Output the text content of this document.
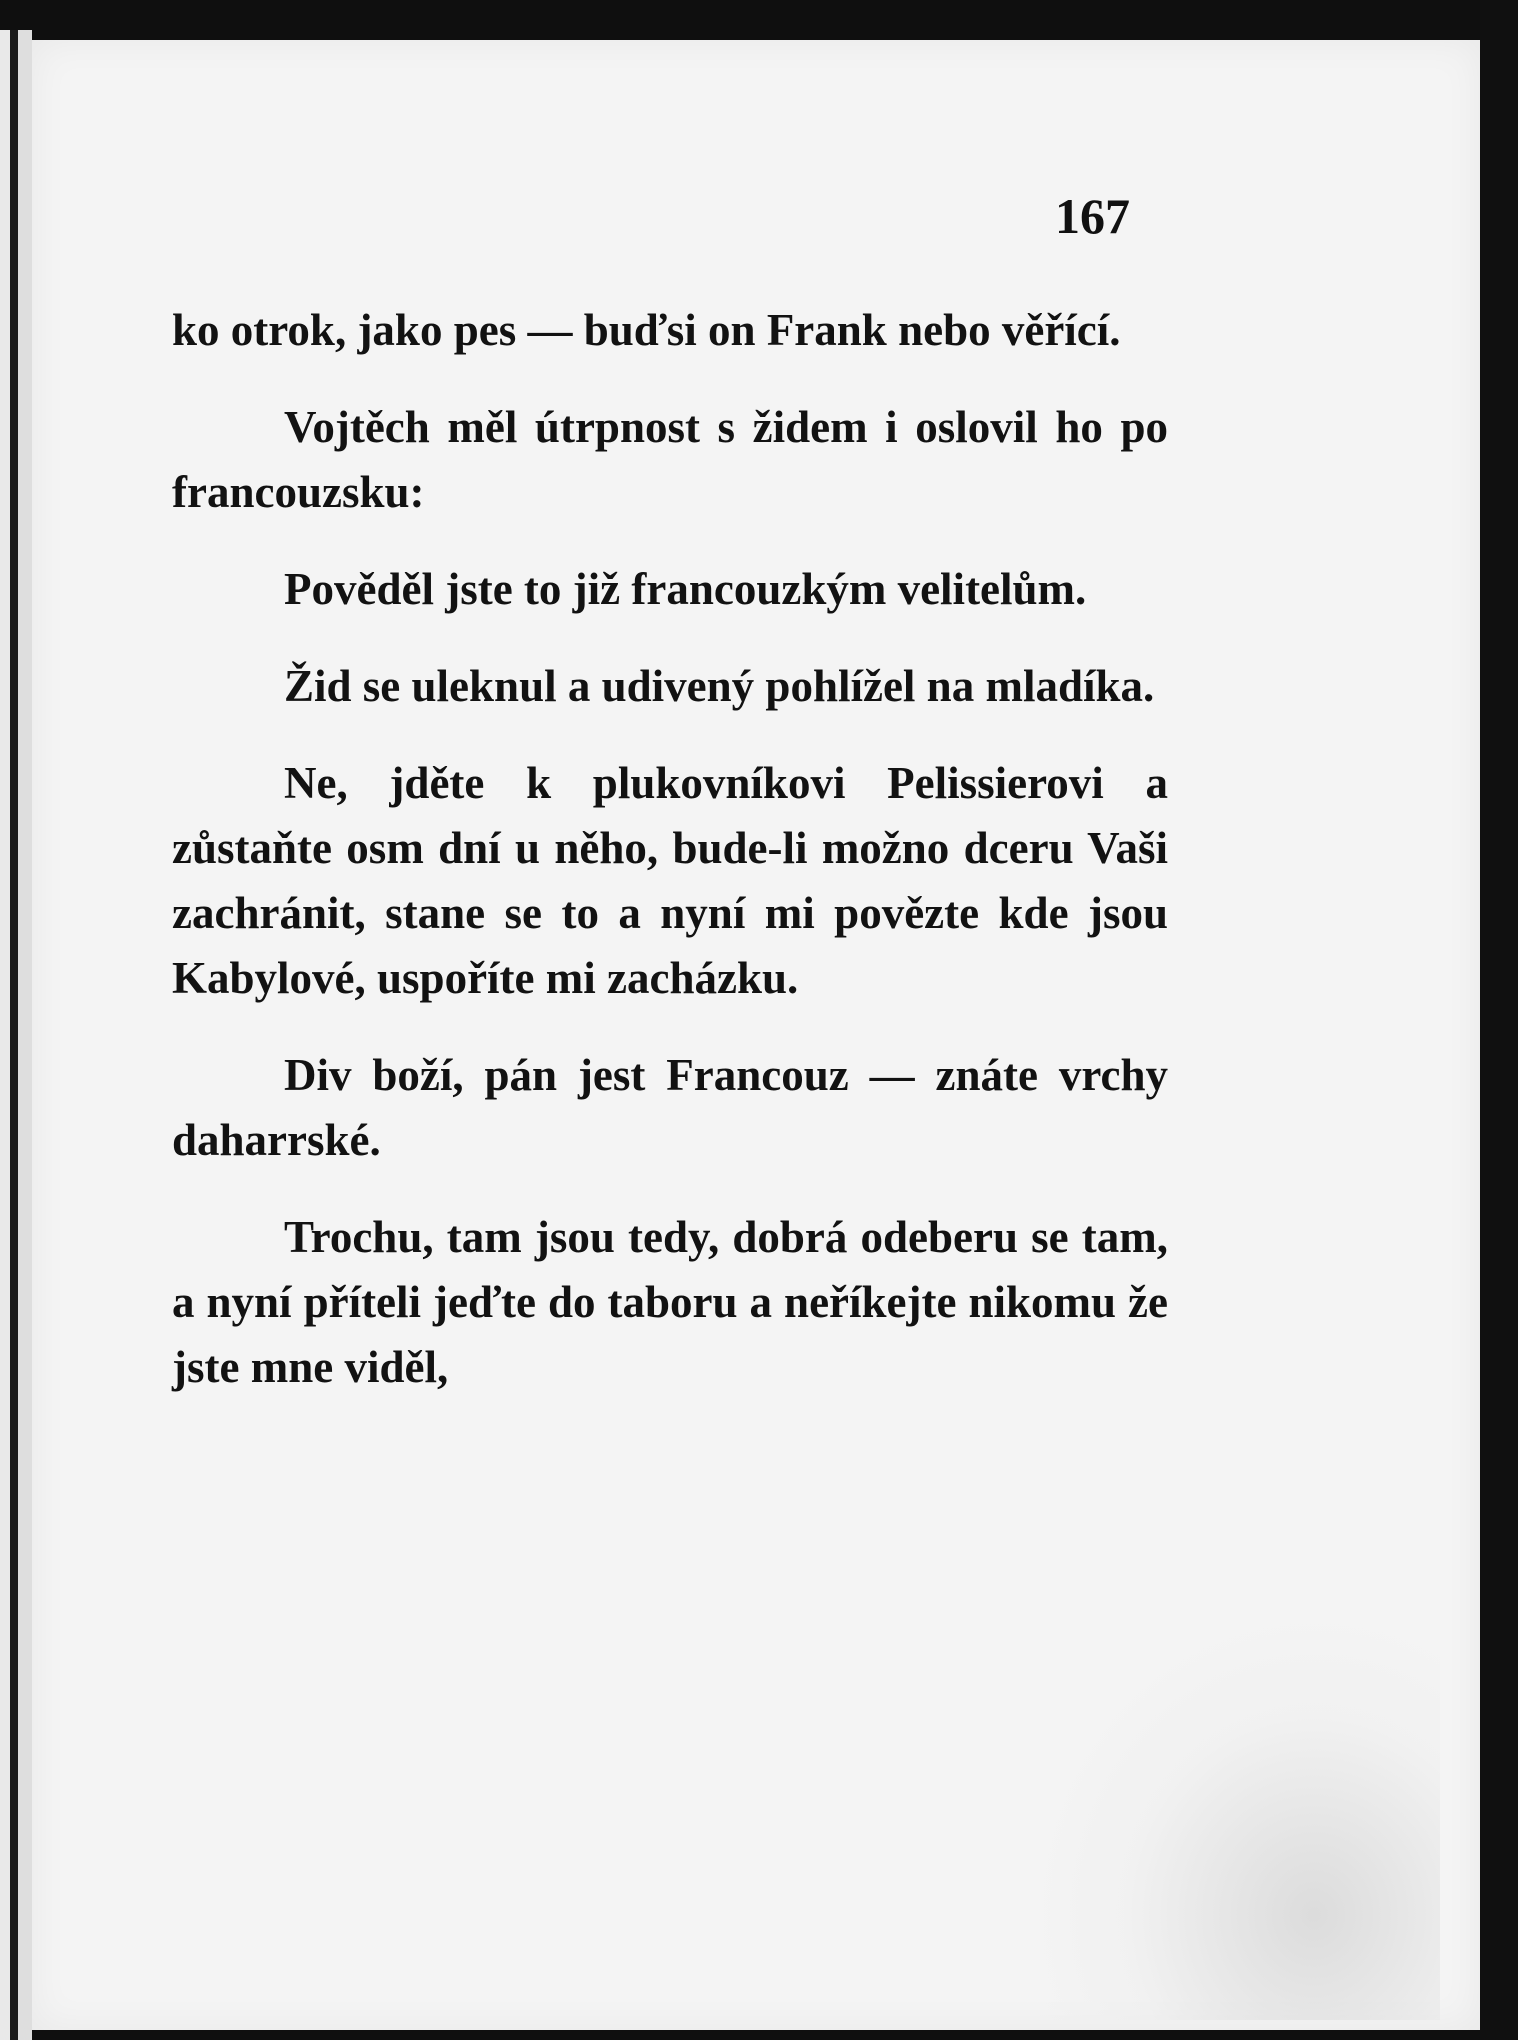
167

ko otrok, jako pes — buďsi on Frank nebo věřící.

Vojtěch měl útrpnost s židem i oslovil ho po francouzsku:

Pověděl jste to již francouzkým velitelům.

Žid se uleknul a udivený pohlížel na mladíka.

Ne, jděte k plukovníkovi Pelissierovi a zůstaňte osm dní u něho, bude-li možno dceru Vaši zachránit, stane se to a nyní mi povězte kde jsou Kabylové, uspoříte mi zacházku.

Div boží, pán jest Francouz — znáte vrchy daharrské.

Trochu, tam jsou tedy, dobrá odeberu se tam, a nyní příteli jeďte do taboru a neříkejte nikomu že jste mne viděl,
